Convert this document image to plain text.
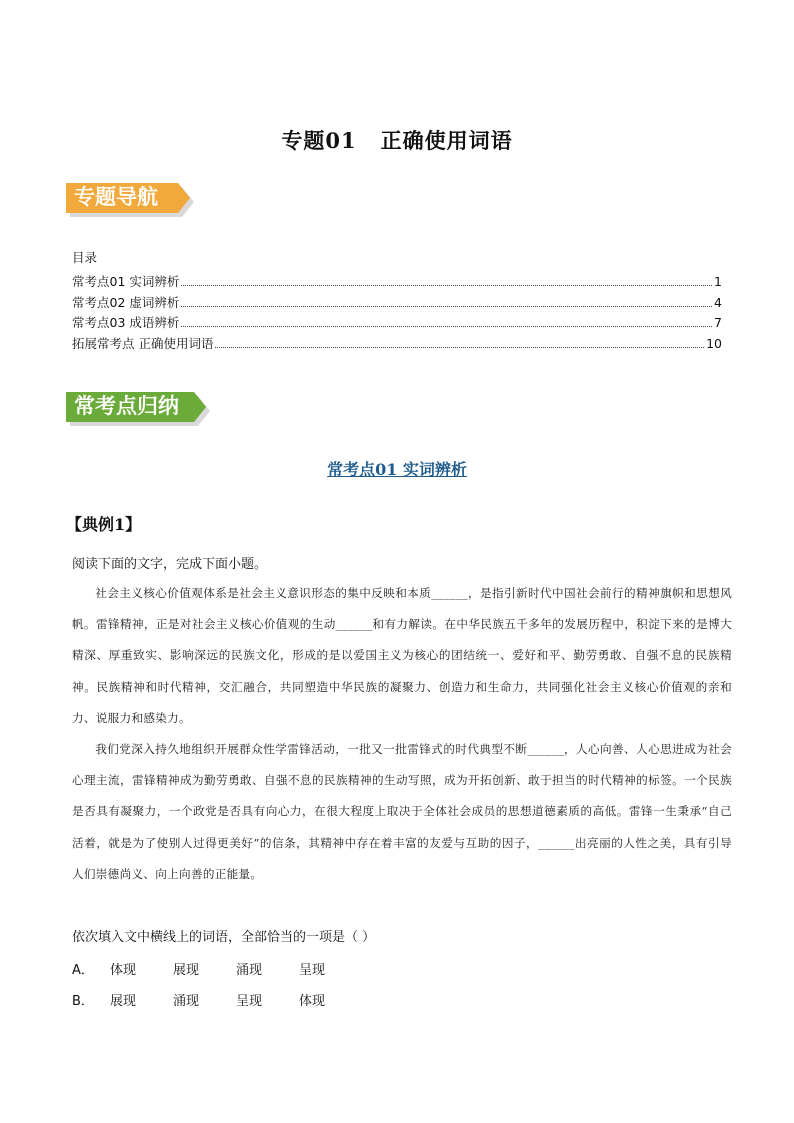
专题01 正确使用词语
专题导航
目录
常考点01 实词辨析	1
常考点02 虚词辨析	4
常考点03 成语辨析	7
拓展常考点 正确使用词语	10
常考点归纳
常考点01 实词辨析
【典例1】
阅读下面的文字，完成下面小题。

社会主义核心价值观体系是社会主义意识形态的集中反映和本质______，是指引新时代中国社会前行的精神旗帜和思想风帆。雷锋精神，正是对社会主义核心价值观的生动______和有力解读。在中华民族五千多年的发展历程中，积淀下来的是博大精深、厚重致实、影响深远的民族文化，形成的是以爱国主义为核心的团结统一、爱好和平、勤劳勇敢、自强不息的民族精神。民族精神和时代精神，交汇融合，共同塑造中华民族的凝聚力、创造力和生命力，共同强化社会主义核心价值观的亲和力、说服力和感染力。

我们党深入持久地组织开展群众性学雷锋活动，一批又一批雷锋式的时代典型不断______，人心向善、人心思进成为社会心理主流，雷锋精神成为勤劳勇敢、自强不息的民族精神的生动写照，成为开拓创新、敢于担当的时代精神的标签。一个民族是否具有凝聚力，一个政党是否具有向心力，在很大程度上取决于全体社会成员的思想道德素质的高低。雷锋一生秉承“自己活着，就是为了使别人过得更美好”的信条，其精神中存在着丰富的友爱与互助的因子，______出亮丽的人性之美，具有引导人们崇德尚义、向上向善的正能量。

依次填入文中横线上的词语，全部恰当的一项是（ ）
A．	体现	展现	涌现	呈现
B．	展现	涌现	呈现	体现
